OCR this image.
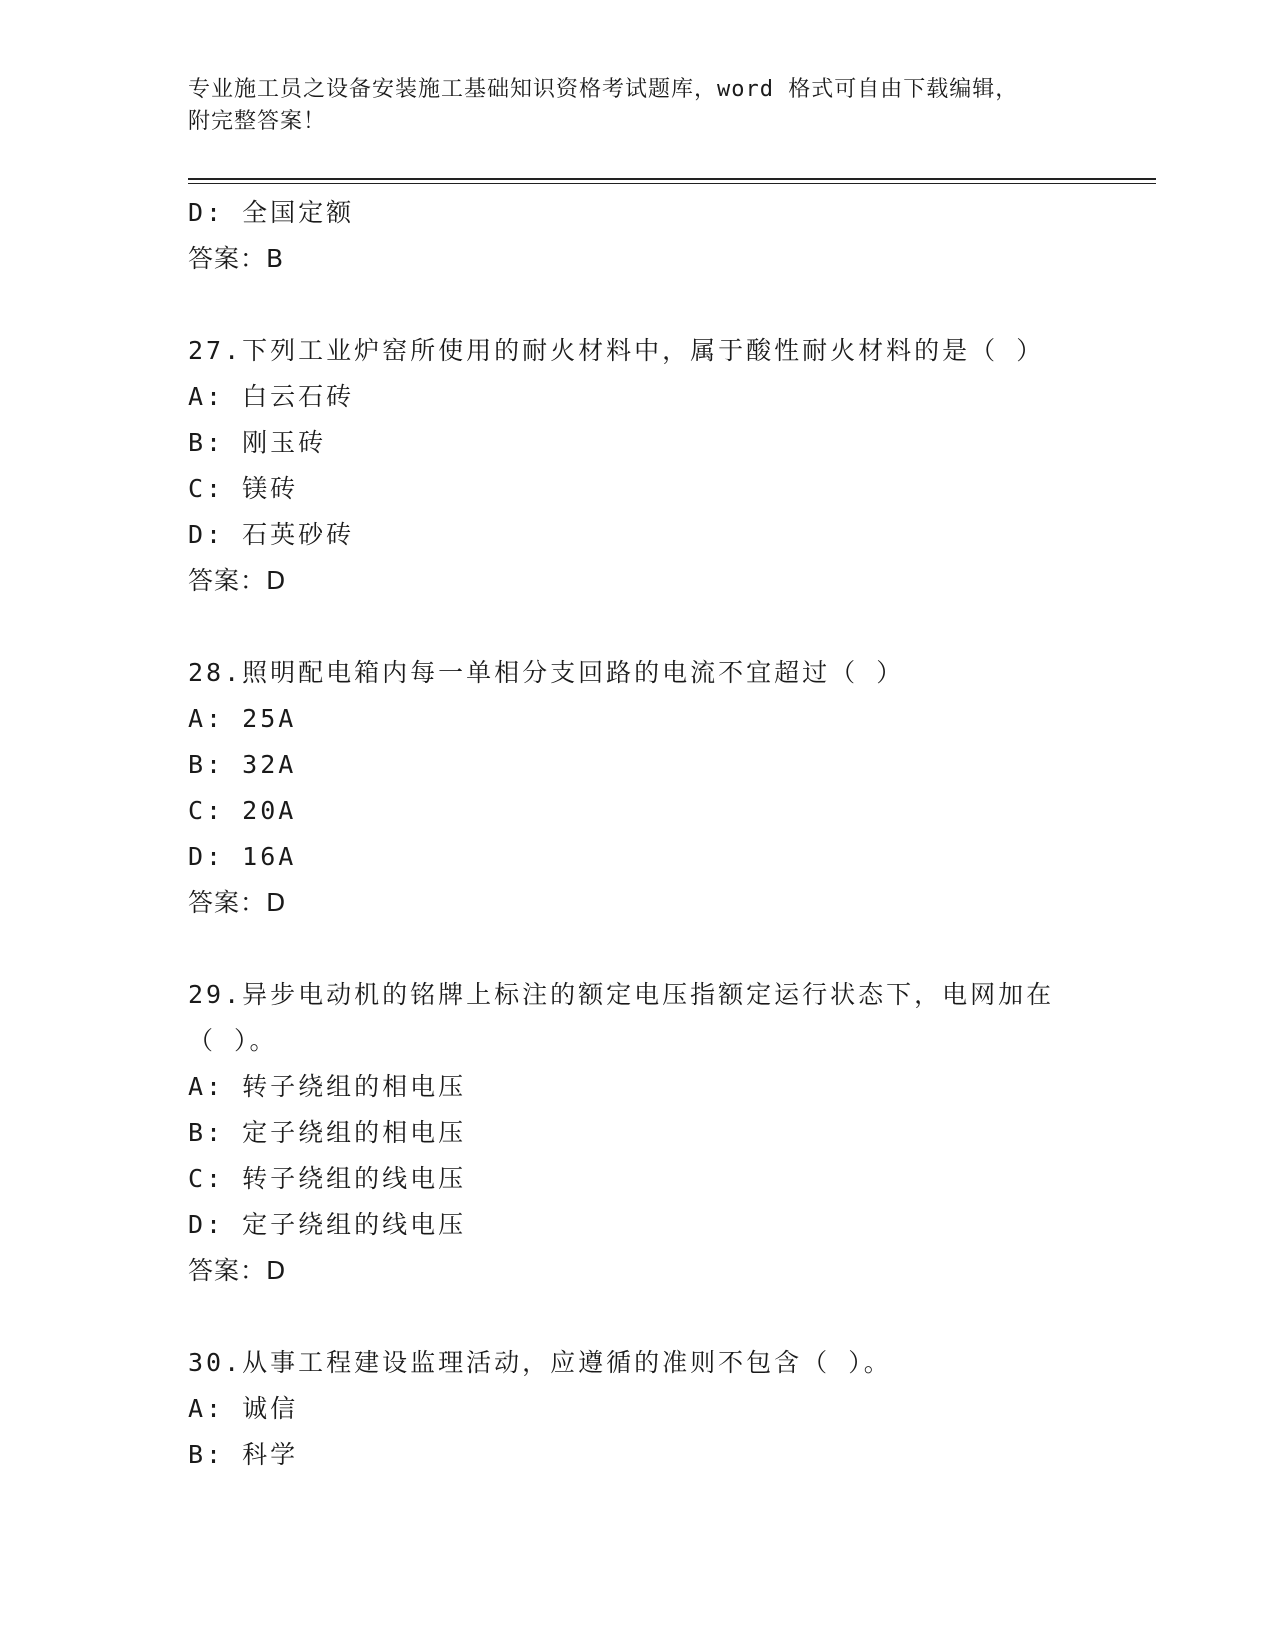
专业施工员之设备安装施工基础知识资格考试题库，word 格式可自由下载编辑，
附完整答案！
D: 全国定额
答案：B
27.下列工业炉窑所使用的耐火材料中，属于酸性耐火材料的是（ ）
A: 白云石砖
B: 刚玉砖
C: 镁砖
D: 石英砂砖
答案：D
28.照明配电箱内每一单相分支回路的电流不宜超过（ ）
A: 25A
B: 32A
C: 20A
D: 16A
答案：D
29.异步电动机的铭牌上标注的额定电压指额定运行状态下，电网加在
（ ）。
A: 转子绕组的相电压
B: 定子绕组的相电压
C: 转子绕组的线电压
D: 定子绕组的线电压
答案：D
30.从事工程建设监理活动，应遵循的准则不包含（ ）。
A: 诚信
B: 科学
